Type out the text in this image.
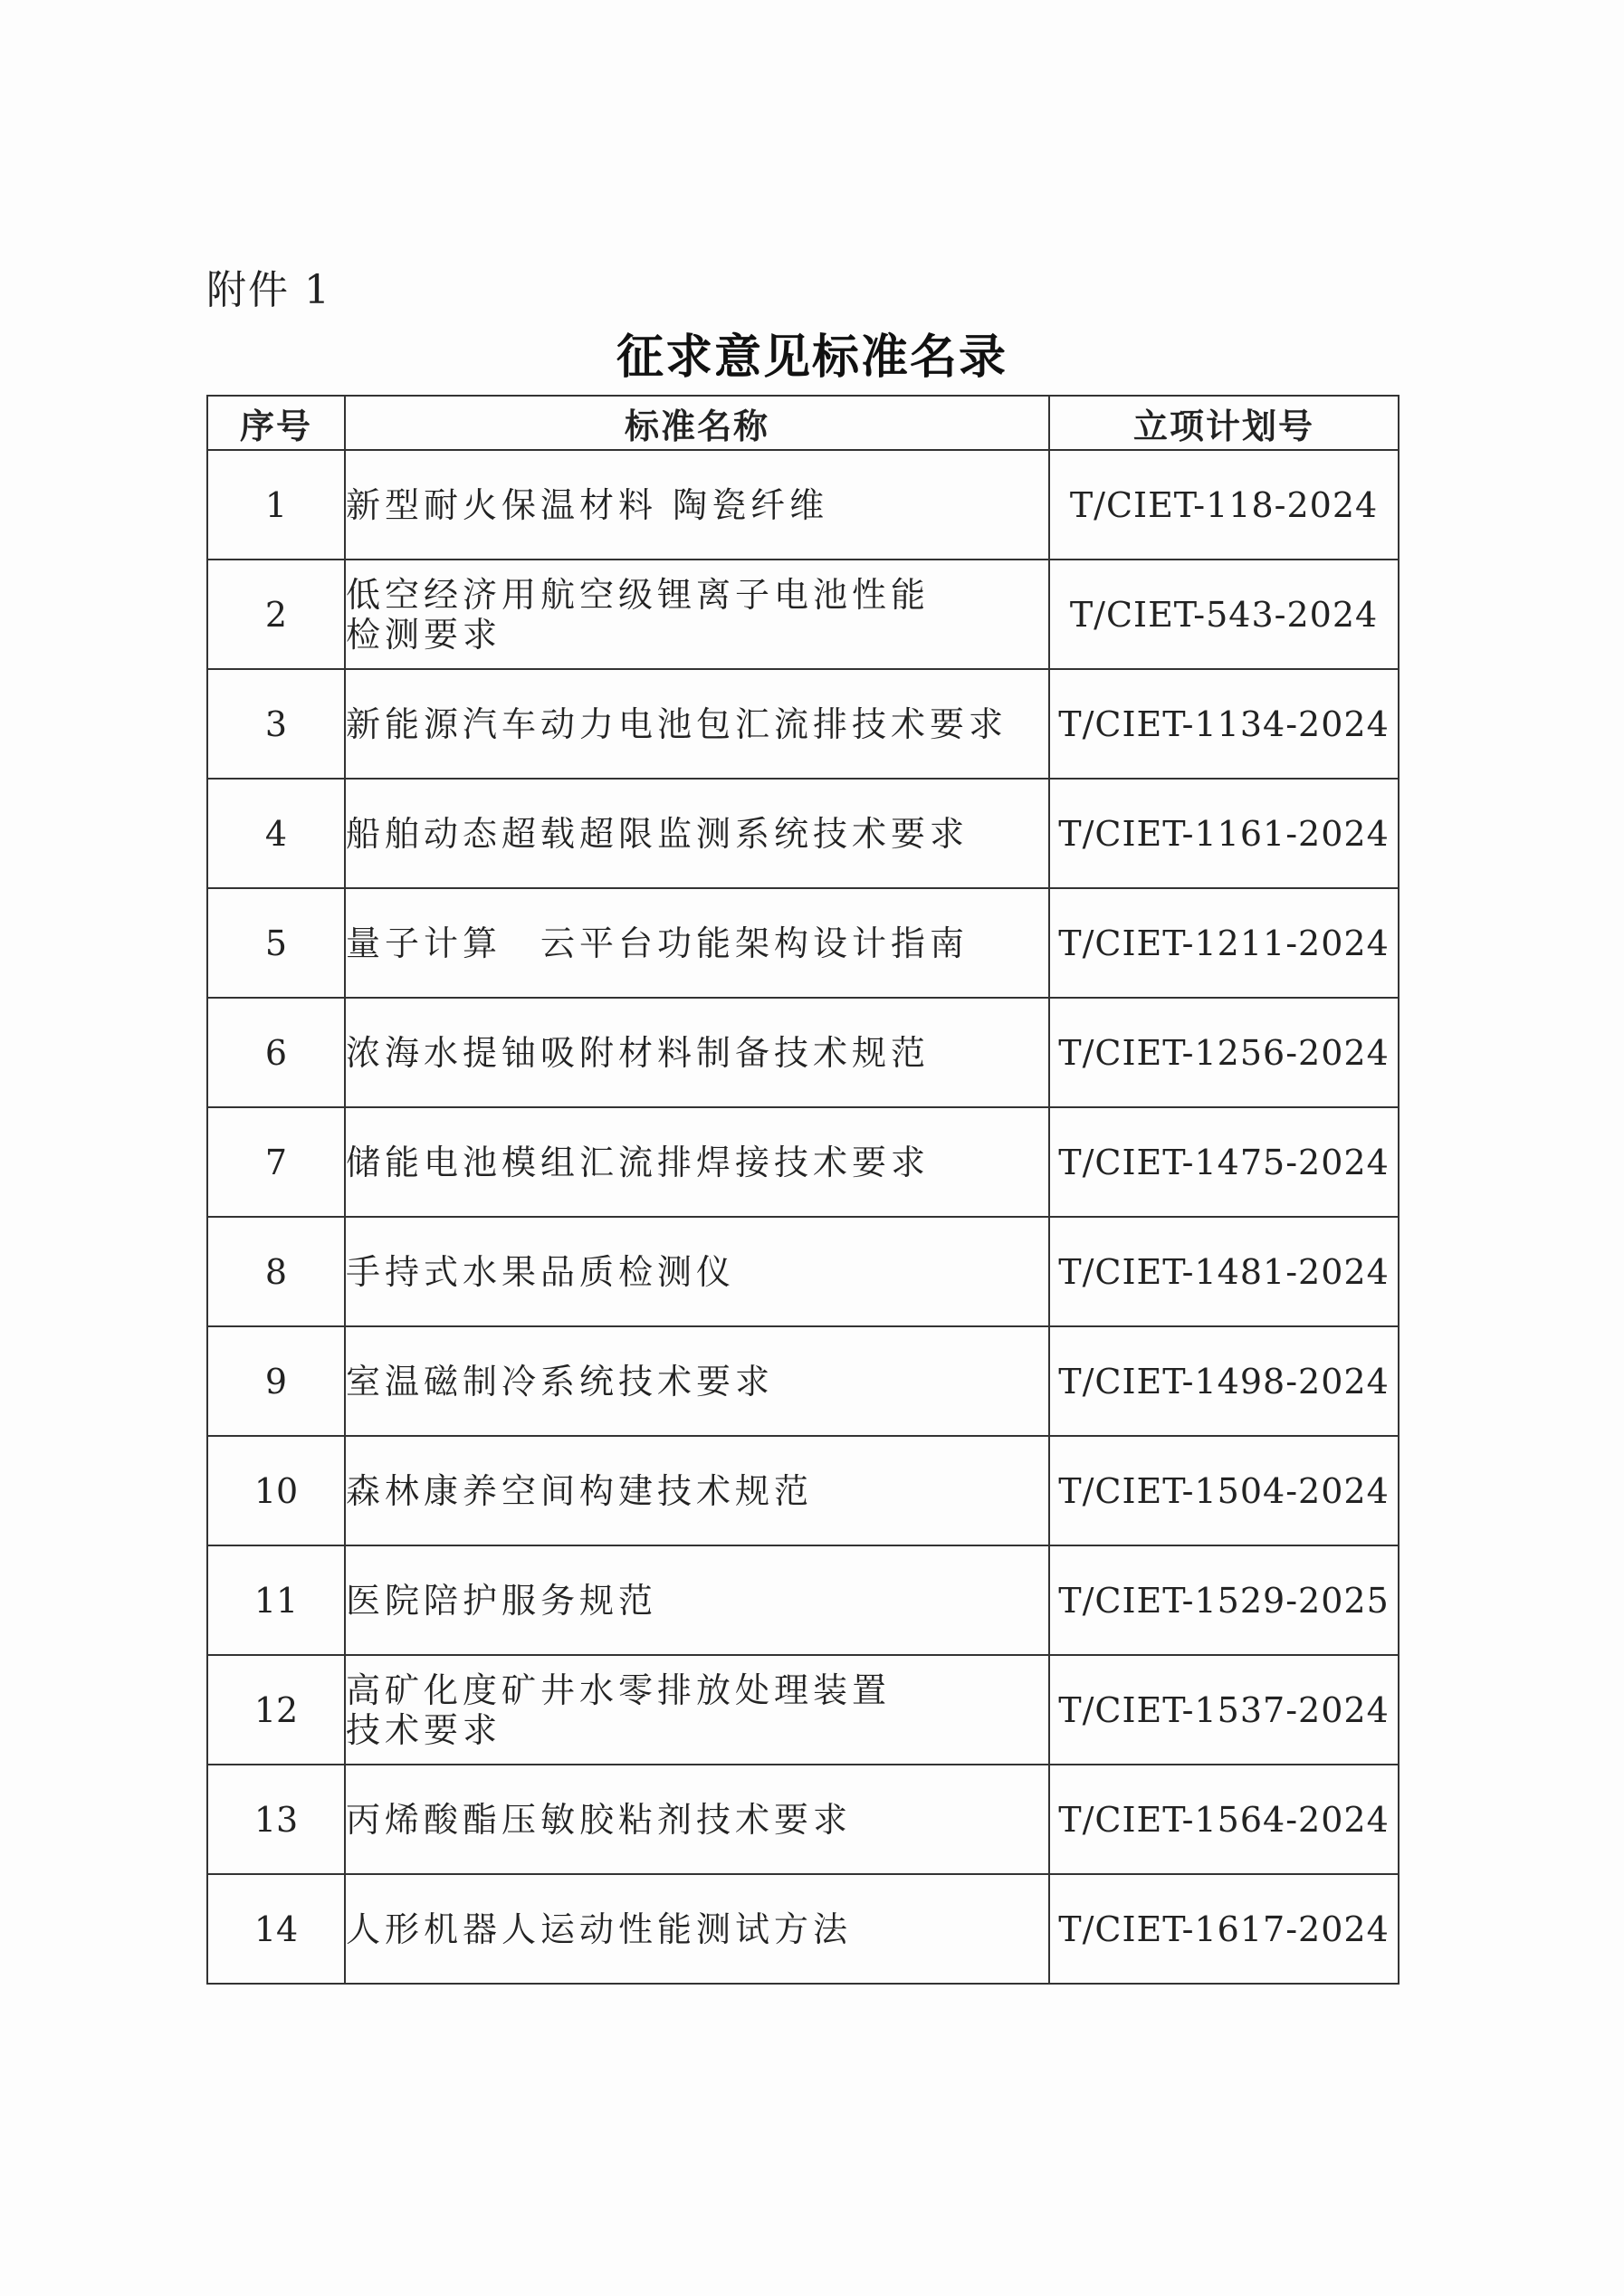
附件 1
征求意见标准名录
序号	标准名称	立项计划号
1	新型耐火保温材料 陶瓷纤维	T/CIET-118-2024
2	低空经济用航空级锂离子电池性能
检测要求	T/CIET-543-2024
3	新能源汽车动力电池包汇流排技术要求	T/CIET-1134-2024
4	船舶动态超载超限监测系统技术要求	T/CIET-1161-2024
5	量子计算　云平台功能架构设计指南	T/CIET-1211-2024
6	浓海水提铀吸附材料制备技术规范	T/CIET-1256-2024
7	储能电池模组汇流排焊接技术要求	T/CIET-1475-2024
8	手持式水果品质检测仪	T/CIET-1481-2024
9	室温磁制冷系统技术要求	T/CIET-1498-2024
10	森林康养空间构建技术规范	T/CIET-1504-2024
11	医院陪护服务规范	T/CIET-1529-2025
12	高矿化度矿井水零排放处理装置
技术要求	T/CIET-1537-2024
13	丙烯酸酯压敏胶粘剂技术要求	T/CIET-1564-2024
14	人形机器人运动性能测试方法	T/CIET-1617-2024
